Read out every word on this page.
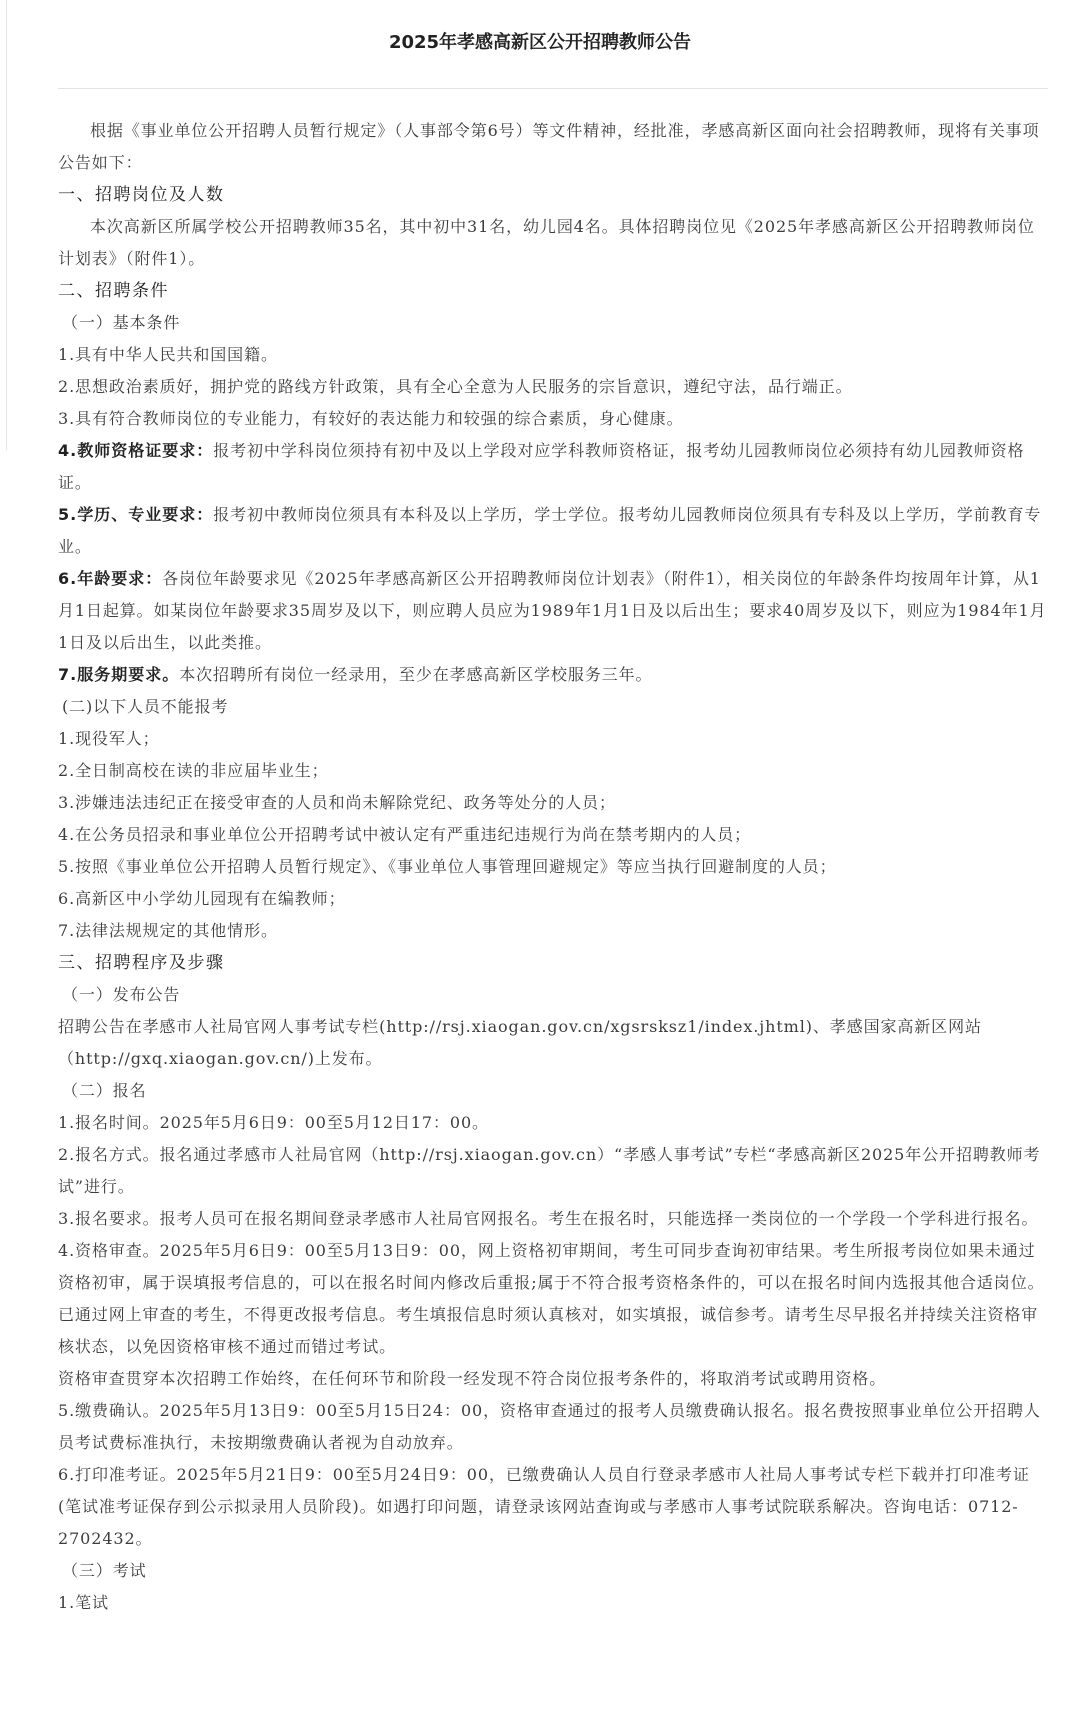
2025年孝感高新区公开招聘教师公告

根据《事业单位公开招聘人员暂行规定》（人事部令第6号）等文件精神，经批准，孝感高新区面向社会招聘教师，现将有关事项公告如下：

一、招聘岗位及人数

本次高新区所属学校公开招聘教师35名，其中初中31名，幼儿园4名。具体招聘岗位见《2025年孝感高新区公开招聘教师岗位计划表》（附件1）。

二、招聘条件

（一）基本条件

1.具有中华人民共和国国籍。

2.思想政治素质好，拥护党的路线方针政策，具有全心全意为人民服务的宗旨意识，遵纪守法，品行端正。

3.具有符合教师岗位的专业能力，有较好的表达能力和较强的综合素质，身心健康。

4.教师资格证要求：报考初中学科岗位须持有初中及以上学段对应学科教师资格证，报考幼儿园教师岗位必须持有幼儿园教师资格证。

5.学历、专业要求：报考初中教师岗位须具有本科及以上学历，学士学位。报考幼儿园教师岗位须具有专科及以上学历，学前教育专业。

6.年龄要求：各岗位年龄要求见《2025年孝感高新区公开招聘教师岗位计划表》（附件1），相关岗位的年龄条件均按周年计算，从1月1日起算。如某岗位年龄要求35周岁及以下，则应聘人员应为1989年1月1日及以后出生；要求40周岁及以下，则应为1984年1月1日及以后出生，以此类推。

7.服务期要求。本次招聘所有岗位一经录用，至少在孝感高新区学校服务三年。

(二)以下人员不能报考

1.现役军人；

2.全日制高校在读的非应届毕业生；

3.涉嫌违法违纪正在接受审查的人员和尚未解除党纪、政务等处分的人员；

4.在公务员招录和事业单位公开招聘考试中被认定有严重违纪违规行为尚在禁考期内的人员；

5.按照《事业单位公开招聘人员暂行规定》、《事业单位人事管理回避规定》等应当执行回避制度的人员；

6.高新区中小学幼儿园现有在编教师；

7.法律法规规定的其他情形。

三、招聘程序及步骤

（一）发布公告

招聘公告在孝感市人社局官网人事考试专栏(http://rsj.xiaogan.gov.cn/xgsrsksz1/index.jhtml)、孝感国家高新区网站（http://gxq.xiaogan.gov.cn/)上发布。

（二）报名

1.报名时间。2025年5月6日9：00至5月12日17：00。

2.报名方式。报名通过孝感市人社局官网（http://rsj.xiaogan.gov.cn）“孝感人事考试”专栏“孝感高新区2025年公开招聘教师考试”进行。

3.报名要求。报考人员可在报名期间登录孝感市人社局官网报名。考生在报名时，只能选择一类岗位的一个学段一个学科进行报名。

4.资格审查。2025年5月6日9：00至5月13日9：00，网上资格初审期间，考生可同步查询初审结果。考生所报考岗位如果未通过资格初审，属于误填报考信息的，可以在报名时间内修改后重报;属于不符合报考资格条件的，可以在报名时间内选报其他合适岗位。已通过网上审查的考生，不得更改报考信息。考生填报信息时须认真核对，如实填报，诚信参考。请考生尽早报名并持续关注资格审核状态，以免因资格审核不通过而错过考试。

资格审查贯穿本次招聘工作始终，在任何环节和阶段一经发现不符合岗位报考条件的，将取消考试或聘用资格。

5.缴费确认。2025年5月13日9：00至5月15日24：00，资格审查通过的报考人员缴费确认报名。报名费按照事业单位公开招聘人员考试费标准执行，未按期缴费确认者视为自动放弃。

6.打印准考证。2025年5月21日9：00至5月24日9：00，已缴费确认人员自行登录孝感市人社局人事考试专栏下载并打印准考证(笔试准考证保存到公示拟录用人员阶段)。如遇打印问题，请登录该网站查询或与孝感市人事考试院联系解决。咨询电话：0712-2702432。

（三）考试

1.笔试
